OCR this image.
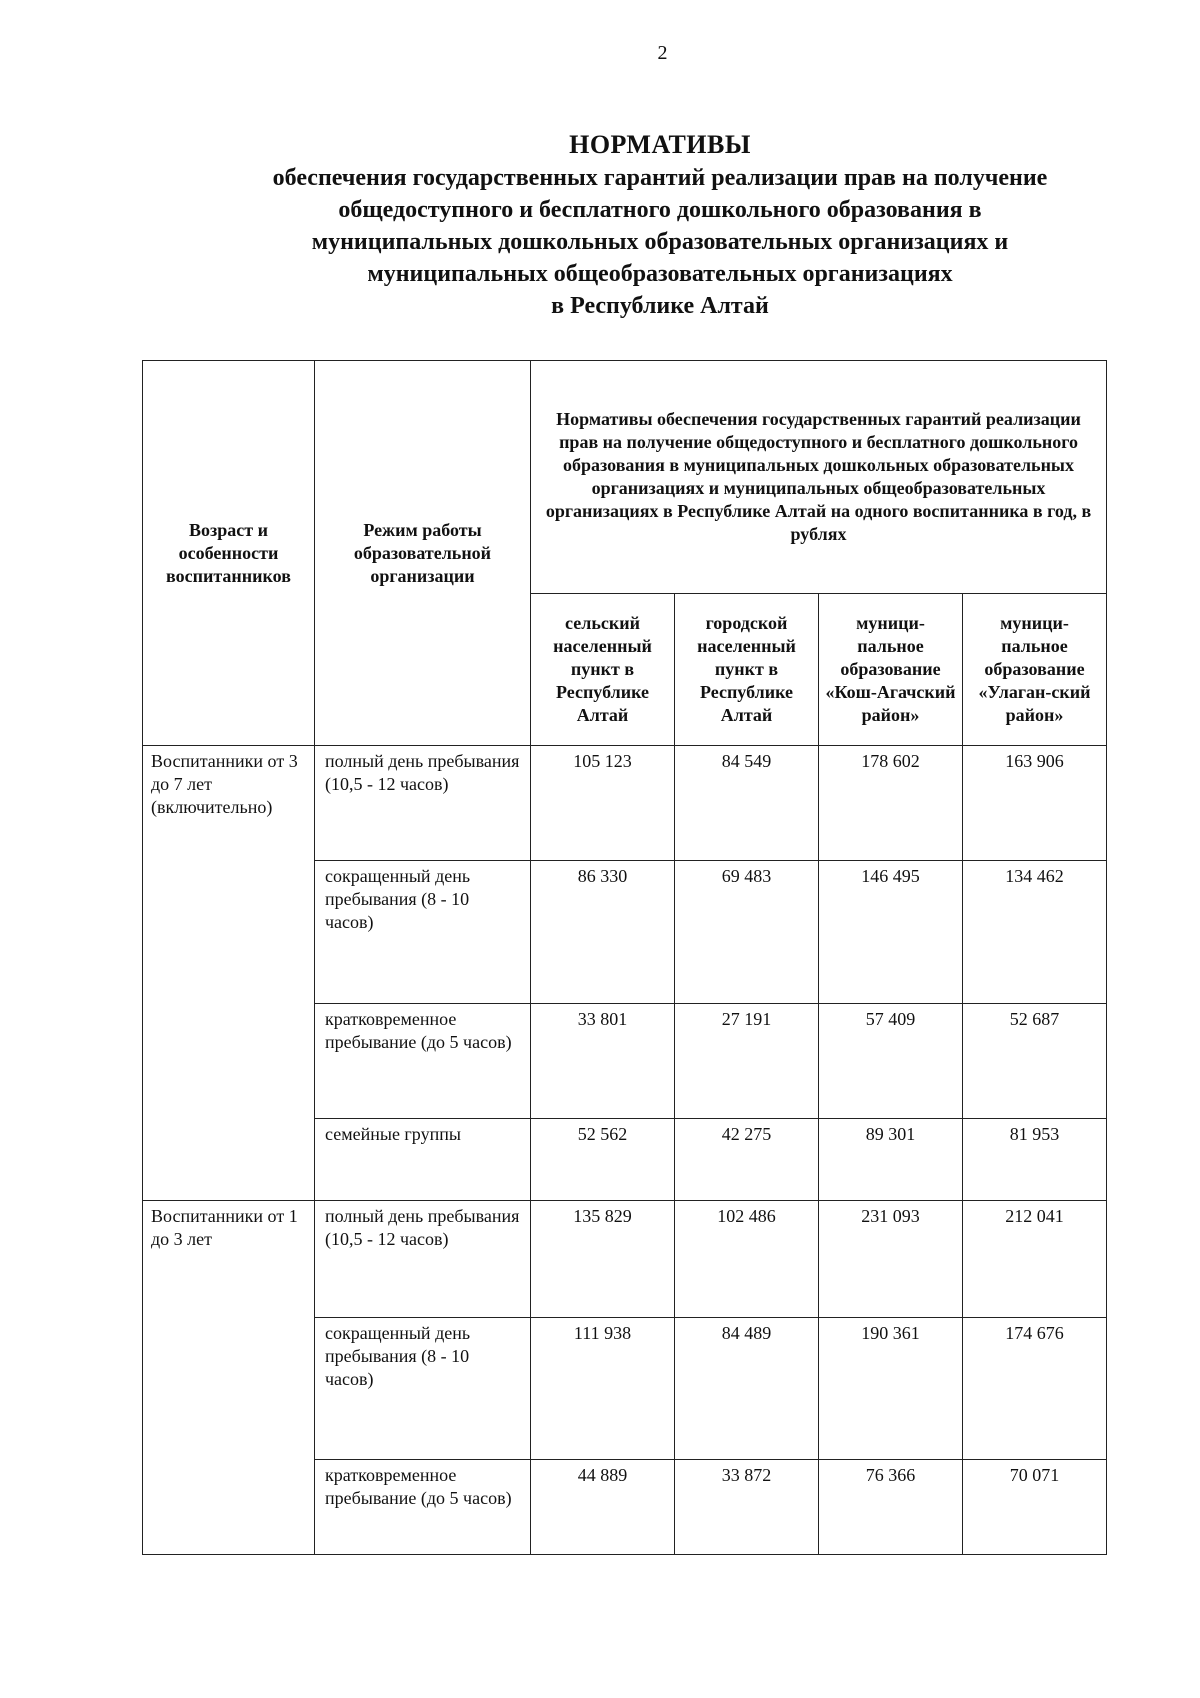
2
НОРМАТИВЫ
обеспечения государственных гарантий реализации прав на получение
общедоступного и бесплатного дошкольного образования в
муниципальных дошкольных образовательных организациях и
муниципальных общеобразовательных организациях
в Республике Алтай
Возраст и особенности воспитанников	Режим работы образовательной организации	Нормативы обеспечения государственных гарантий реализации прав на получение общедоступного и бесплатного дошкольного образования в муниципальных дошкольных образовательных организациях и муниципальных общеобразовательных организациях в Республике Алтай на одного воспитанника в год, в рублях			
		сельский населенный пункт в Республике Алтай	городской населенный пункт в Республике Алтай	муници-пальное образование «Кош-Агачский район»	муници-пальное образование «Улаган-ский район»
Воспитанники от 3 до 7 лет (включительно)	полный день пребывания (10,5 - 12 часов)	105 123	84 549	178 602	163 906
	сокращенный день пребывания (8 - 10 часов)	86 330	69 483	146 495	134 462
	кратковременное пребывание (до 5 часов)	33 801	27 191	57 409	52 687
	семейные группы	52 562	42 275	89 301	81 953
Воспитанники от 1 до 3 лет	полный день пребывания (10,5 - 12 часов)	135 829	102 486	231 093	212 041
	сокращенный день пребывания (8 - 10 часов)	111 938	84 489	190 361	174 676
	кратковременное пребывание (до 5 часов)	44 889	33 872	76 366	70 071
